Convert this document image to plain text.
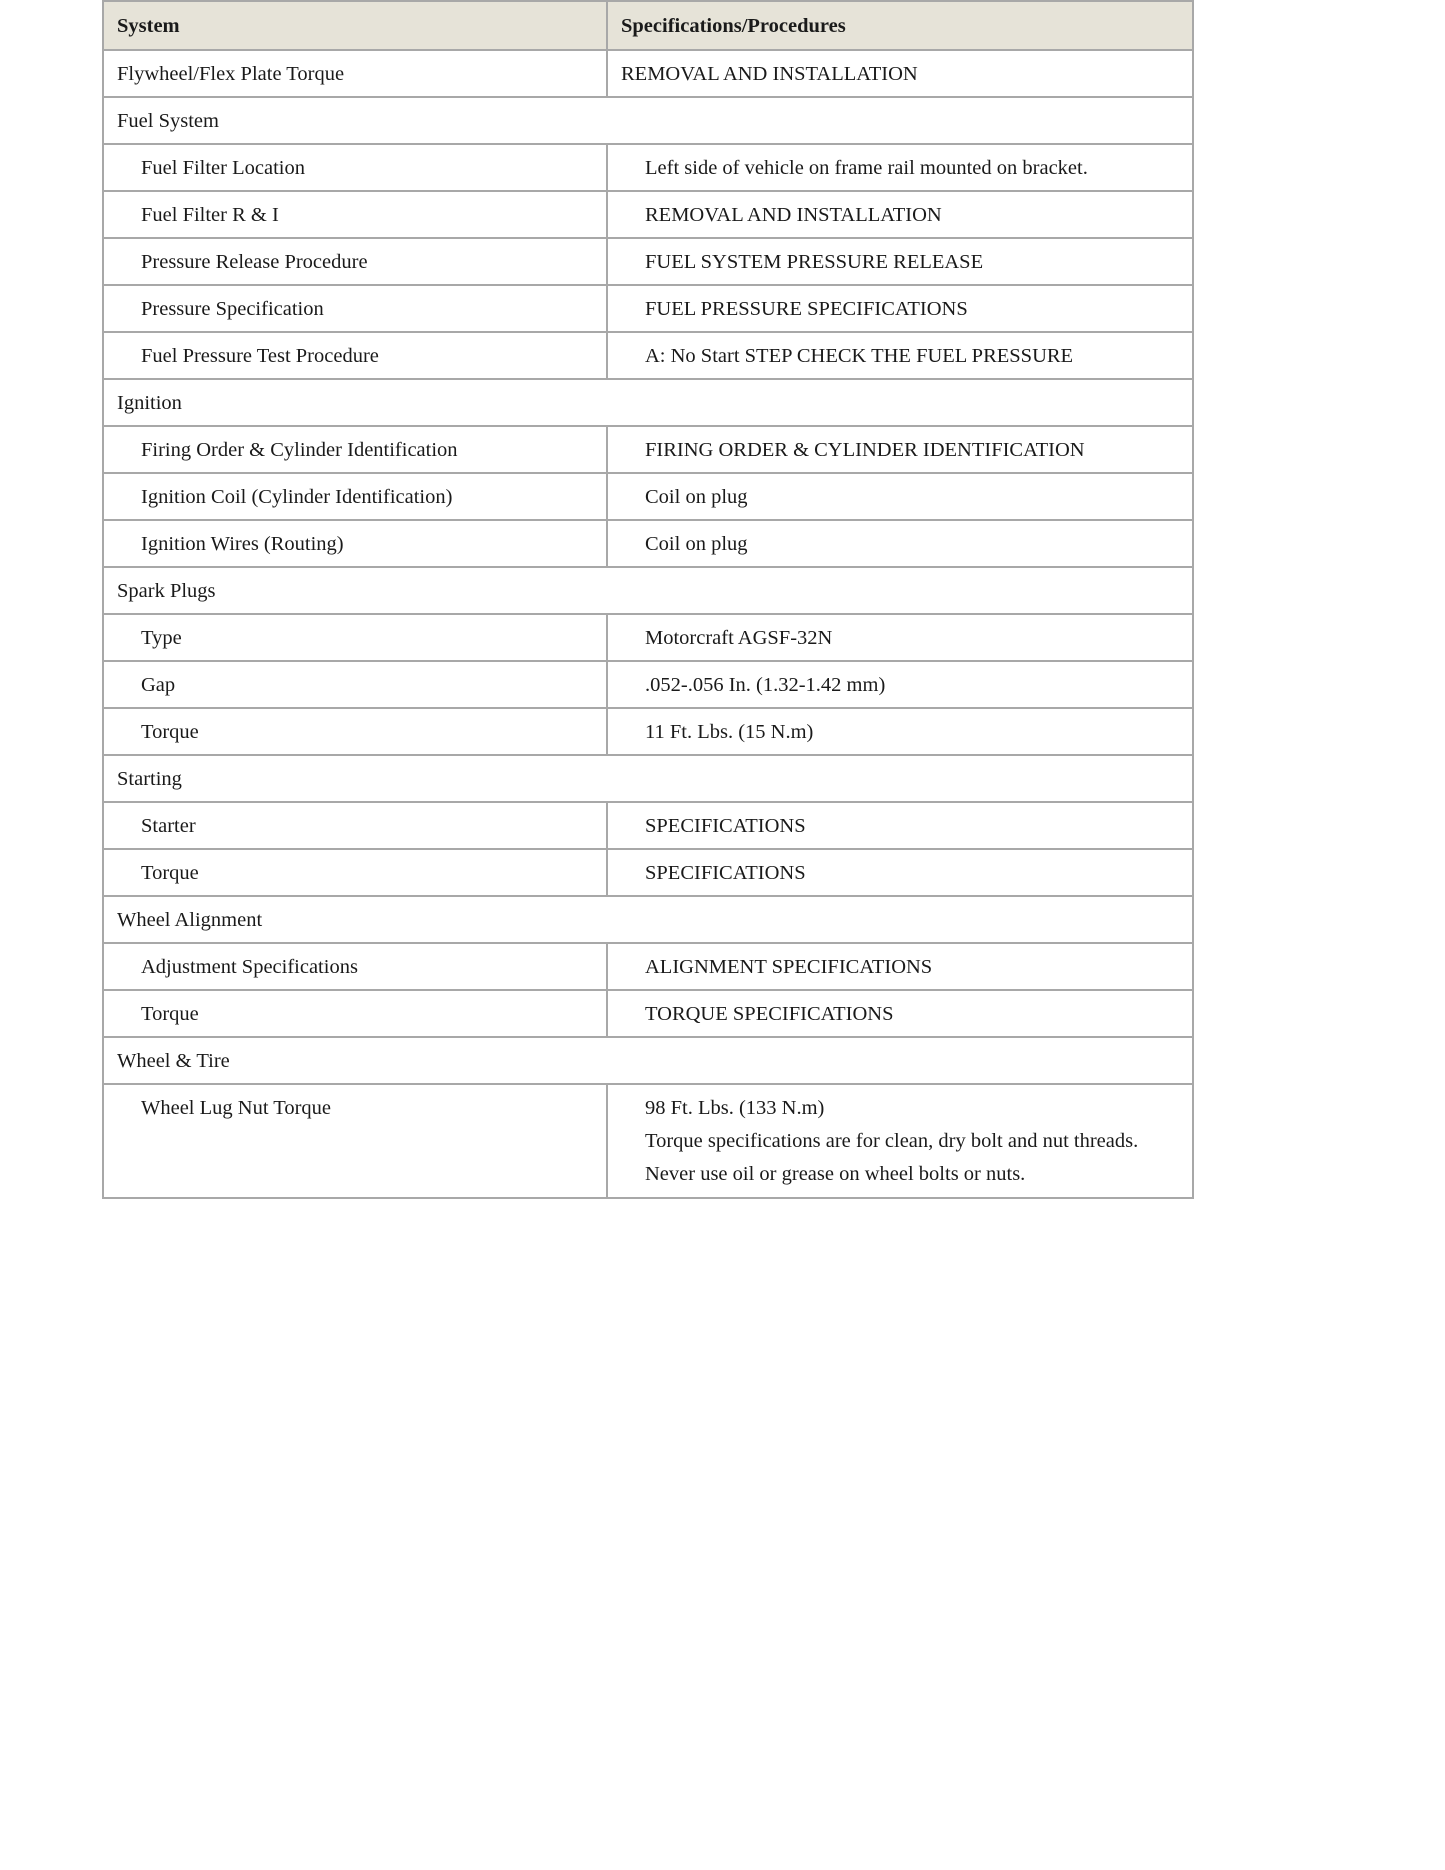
System	Specifications/Procedures
Flywheel/Flex Plate Torque	REMOVAL AND INSTALLATION
Fuel System	
Fuel Filter Location	Left side of vehicle on frame rail mounted on bracket.
Fuel Filter R & I	REMOVAL AND INSTALLATION
Pressure Release Procedure	FUEL SYSTEM PRESSURE RELEASE
Pressure Specification	FUEL PRESSURE SPECIFICATIONS
Fuel Pressure Test Procedure	A: No Start STEP CHECK THE FUEL PRESSURE
Ignition	
Firing Order & Cylinder Identification	FIRING ORDER & CYLINDER IDENTIFICATION
Ignition Coil (Cylinder Identification)	Coil on plug
Ignition Wires (Routing)	Coil on plug
Spark Plugs	
Type	Motorcraft AGSF-32N
Gap	.052-.056 In. (1.32-1.42 mm)
Torque	11 Ft. Lbs. (15 N.m)
Starting	
Starter	SPECIFICATIONS
Torque	SPECIFICATIONS
Wheel Alignment	
Adjustment Specifications	ALIGNMENT SPECIFICATIONS
Torque	TORQUE SPECIFICATIONS
Wheel & Tire	
Wheel Lug Nut Torque	98 Ft. Lbs. (133 N.m)
Torque specifications are for clean, dry bolt and nut threads.
Never use oil or grease on wheel bolts or nuts.
